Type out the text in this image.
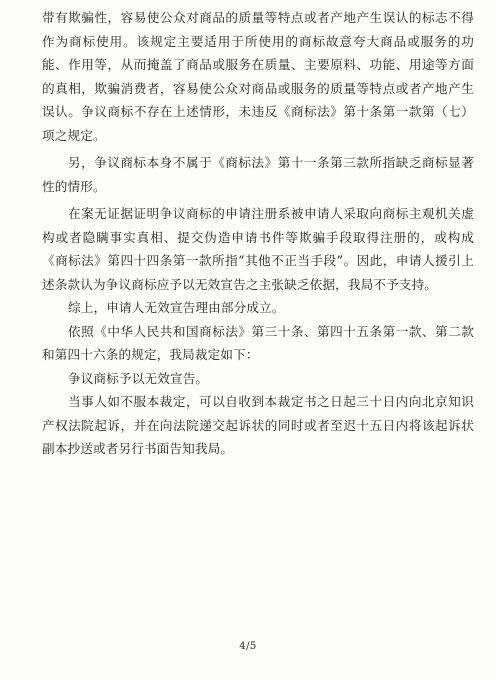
带有欺骗性，容易使公众对商品的质量等特点或者产地产生误认的标志不得作为商标使用。该规定主要适用于所使用的商标故意夸大商品或服务的功能、作用等，从而掩盖了商品或服务在质量、主要原料、功能、用途等方面的真相，欺骗消费者，容易使公众对商品或服务的质量等特点或者产地产生误认。争议商标不存在上述情形，未违反《商标法》第十条第一款第（七）项之规定。

另，争议商标本身不属于《商标法》第十一条第三款所指缺乏商标显著性的情形。

在案无证据证明争议商标的申请注册系被申请人采取向商标主观机关虚构或者隐瞒事实真相、提交伪造申请书件等欺骗手段取得注册的，或构成《商标法》第四十四条第一款所指“其他不正当手段”。因此，申请人援引上述条款认为争议商标应予以无效宣告之主张缺乏依据，我局不予支持。

综上，申请人无效宣告理由部分成立。

依照《中华人民共和国商标法》第三十条、第四十五条第一款、第二款和第四十六条的规定，我局裁定如下：

争议商标予以无效宣告。

当事人如不服本裁定，可以自收到本裁定书之日起三十日内向北京知识产权法院起诉，并在向法院递交起诉状的同时或者至迟十五日内将该起诉状副本抄送或者另行书面告知我局。

4/5
